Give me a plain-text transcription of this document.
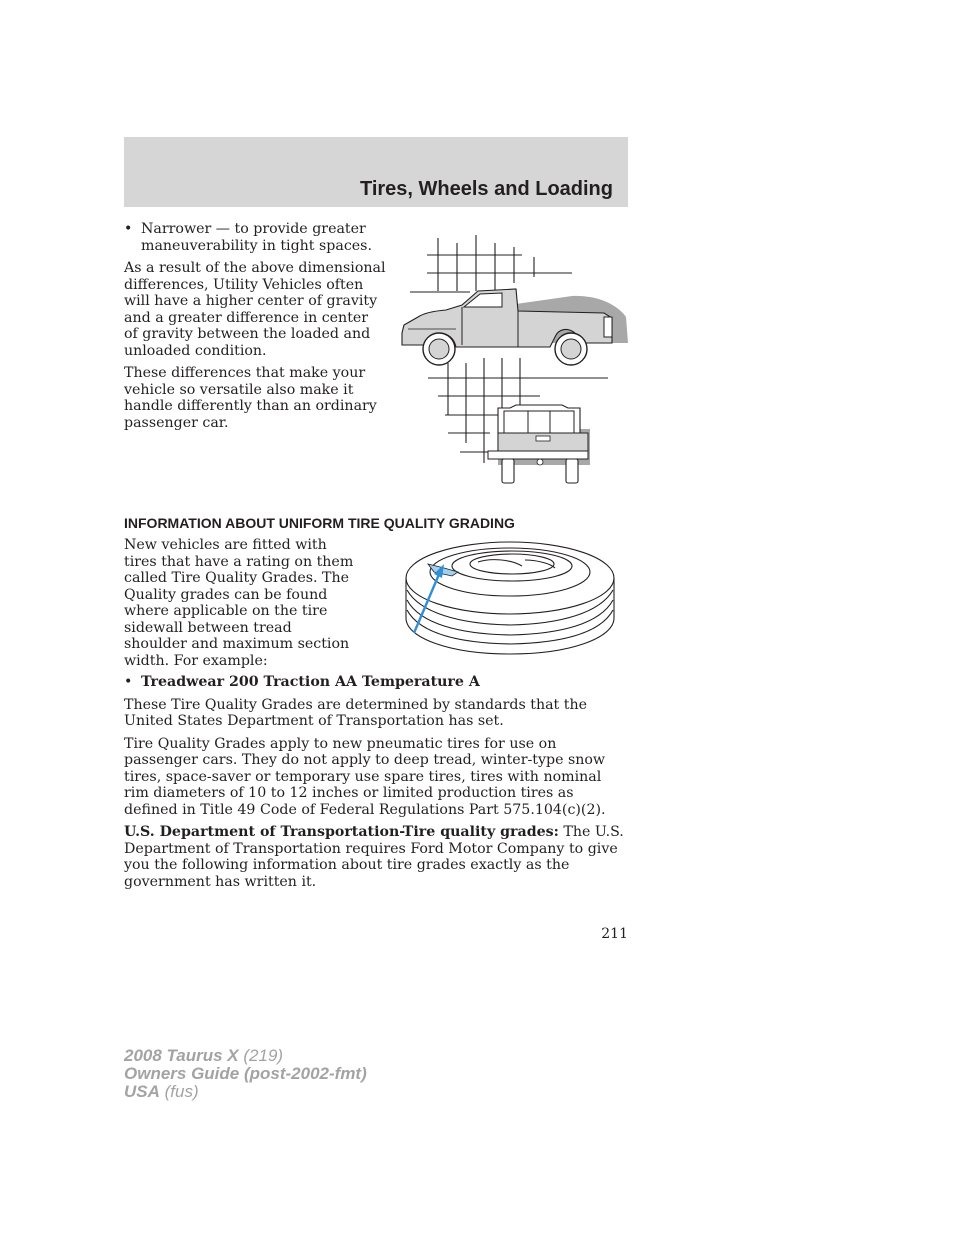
Tires, Wheels and Loading
• Narrower — to provide greater maneuverability in tight spaces.

As a result of the above dimensional differences, Utility Vehicles often will have a higher center of gravity and a greater difference in center of gravity between the loaded and unloaded condition.

These differences that make your vehicle so versatile also make it handle differently than an ordinary passenger car.

INFORMATION ABOUT UNIFORM TIRE QUALITY GRADING

New vehicles are fitted with tires that have a rating on them called Tire Quality Grades. The Quality grades can be found where applicable on the tire sidewall between tread shoulder and maximum section width. For example:

• Treadwear 200 Traction AA Temperature A

These Tire Quality Grades are determined by standards that the United States Department of Transportation has set.

Tire Quality Grades apply to new pneumatic tires for use on passenger cars. They do not apply to deep tread, winter-type snow tires, space-saver or temporary use spare tires, tires with nominal rim diameters of 10 to 12 inches or limited production tires as defined in Title 49 Code of Federal Regulations Part 575.104(c)(2).

U.S. Department of Transportation-Tire quality grades: The U.S. Department of Transportation requires Ford Motor Company to give you the following information about tire grades exactly as the government has written it.

211
2008 Taurus X (219)
Owners Guide (post-2002-fmt)
USA (fus)
